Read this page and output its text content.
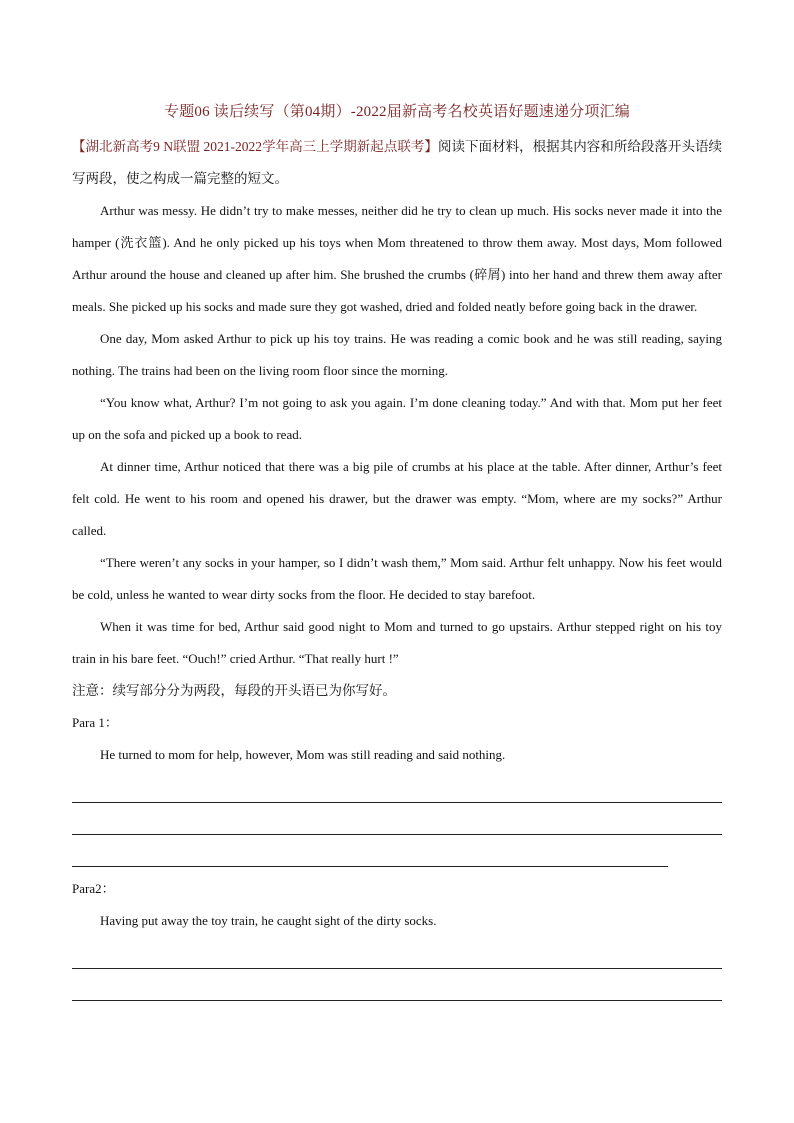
专题06 读后续写（第04期）-2022届新高考名校英语好题速递分项汇编

【湖北新高考9 N联盟 2021-2022学年高三上学期新起点联考】阅读下面材料，根据其内容和所给段落开头语续写两段，使之构成一篇完整的短文。

Arthur was messy. He didn’t try to make messes, neither did he try to clean up much. His socks never made it into the hamper (洗衣篮). And he only picked up his toys when Mom threatened to throw them away. Most days, Mom followed Arthur around the house and cleaned up after him. She brushed the crumbs (碎屑) into her hand and threw them away after meals. She picked up his socks and made sure they got washed, dried and folded neatly before going back in the drawer.

One day, Mom asked Arthur to pick up his toy trains. He was reading a comic book and he was still reading, saying nothing. The trains had been on the living room floor since the morning.

“You know what, Arthur? I’m not going to ask you again. I’m done cleaning today.” And with that. Mom put her feet up on the sofa and picked up a book to read.

At dinner time, Arthur noticed that there was a big pile of crumbs at his place at the table. After dinner, Arthur’s feet felt cold. He went to his room and opened his drawer, but the drawer was empty. “Mom, where are my socks?” Arthur called.

“There weren’t any socks in your hamper, so I didn’t wash them,” Mom said. Arthur felt unhappy. Now his feet would be cold, unless he wanted to wear dirty socks from the floor. He decided to stay barefoot.

When it was time for bed, Arthur said good night to Mom and turned to go upstairs. Arthur stepped right on his toy train in his bare feet. “Ouch!” cried Arthur. “That really hurt !”

注意：续写部分分为两段，每段的开头语已为你写好。

Para 1：

He turned to mom for help, however, Mom was still reading and said nothing.

Para2：

Having put away the toy train, he caught sight of the dirty socks.
